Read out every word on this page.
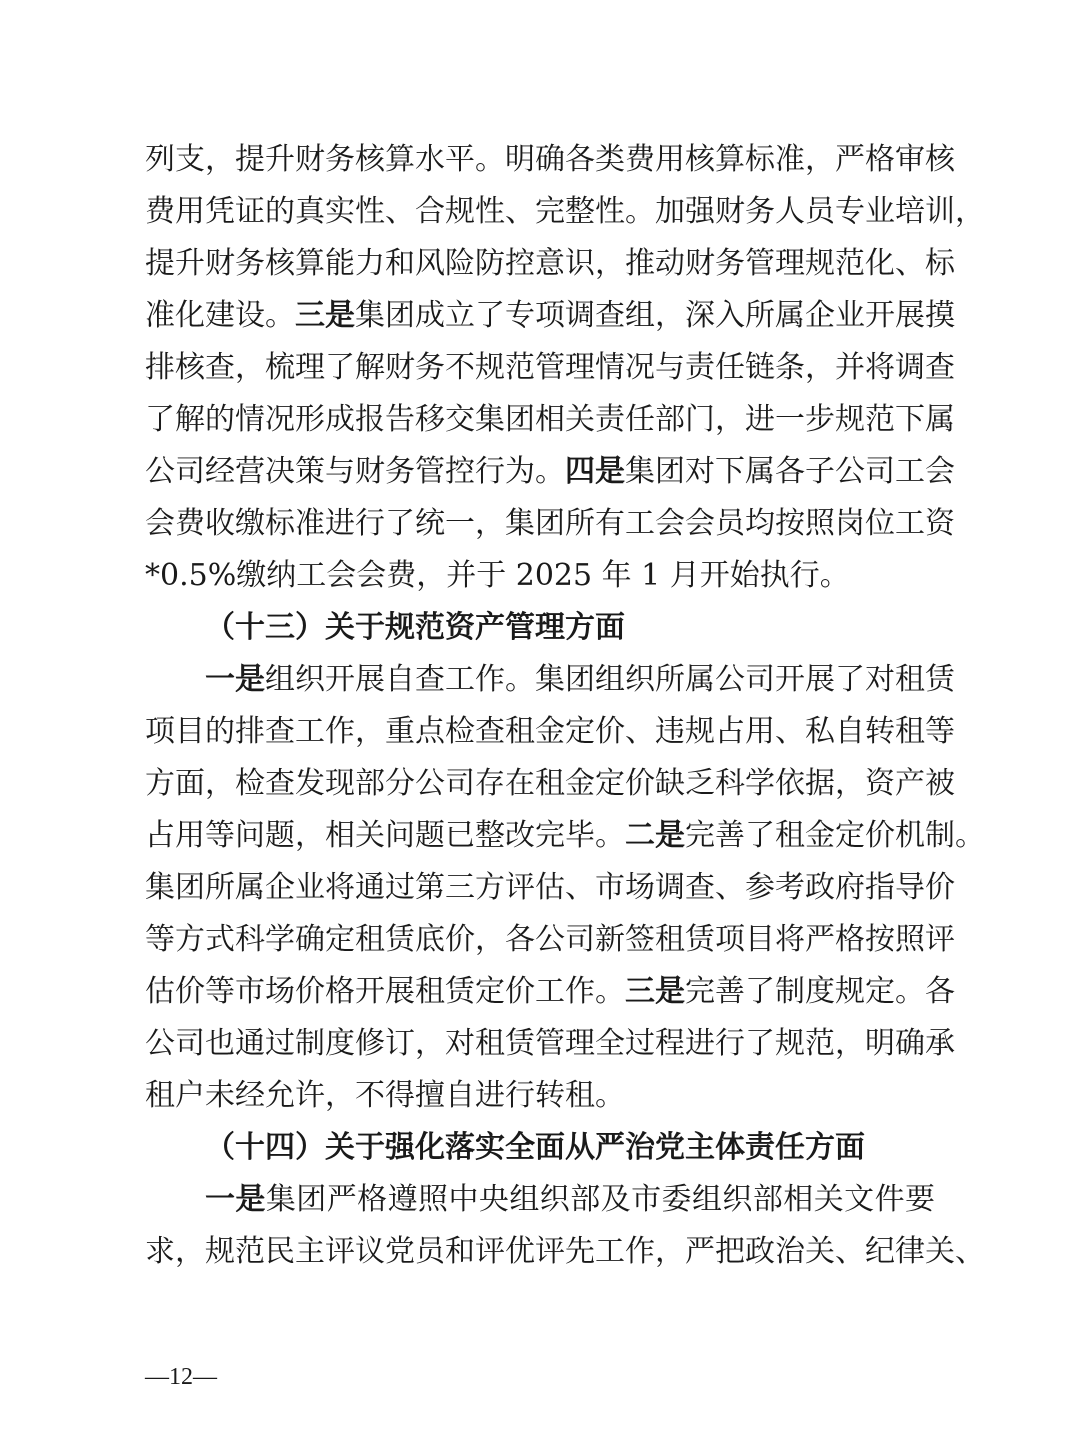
列支，提升财务核算水平。明确各类费用核算标准，严格审核
费用凭证的真实性、合规性、完整性。加强财务人员专业培训，
提升财务核算能力和风险防控意识，推动财务管理规范化、标
准化建设。三是集团成立了专项调查组，深入所属企业开展摸
排核查，梳理了解财务不规范管理情况与责任链条，并将调查
了解的情况形成报告移交集团相关责任部门，进一步规范下属
公司经营决策与财务管控行为。四是集团对下属各子公司工会
会费收缴标准进行了统一，集团所有工会会员均按照岗位工资
*0.5%缴纳工会会费，并于 2025 年 1 月开始执行。
（十三）关于规范资产管理方面
一是组织开展自查工作。集团组织所属公司开展了对租赁
项目的排查工作，重点检查租金定价、违规占用、私自转租等
方面，检查发现部分公司存在租金定价缺乏科学依据，资产被
占用等问题，相关问题已整改完毕。二是完善了租金定价机制。
集团所属企业将通过第三方评估、市场调查、参考政府指导价
等方式科学确定租赁底价，各公司新签租赁项目将严格按照评
估价等市场价格开展租赁定价工作。三是完善了制度规定。各
公司也通过制度修订，对租赁管理全过程进行了规范，明确承
租户未经允许，不得擅自进行转租。
（十四）关于强化落实全面从严治党主体责任方面
一是集团严格遵照中央组织部及市委组织部相关文件要
求，规范民主评议党员和评优评先工作，严把政治关、纪律关、
—12—
